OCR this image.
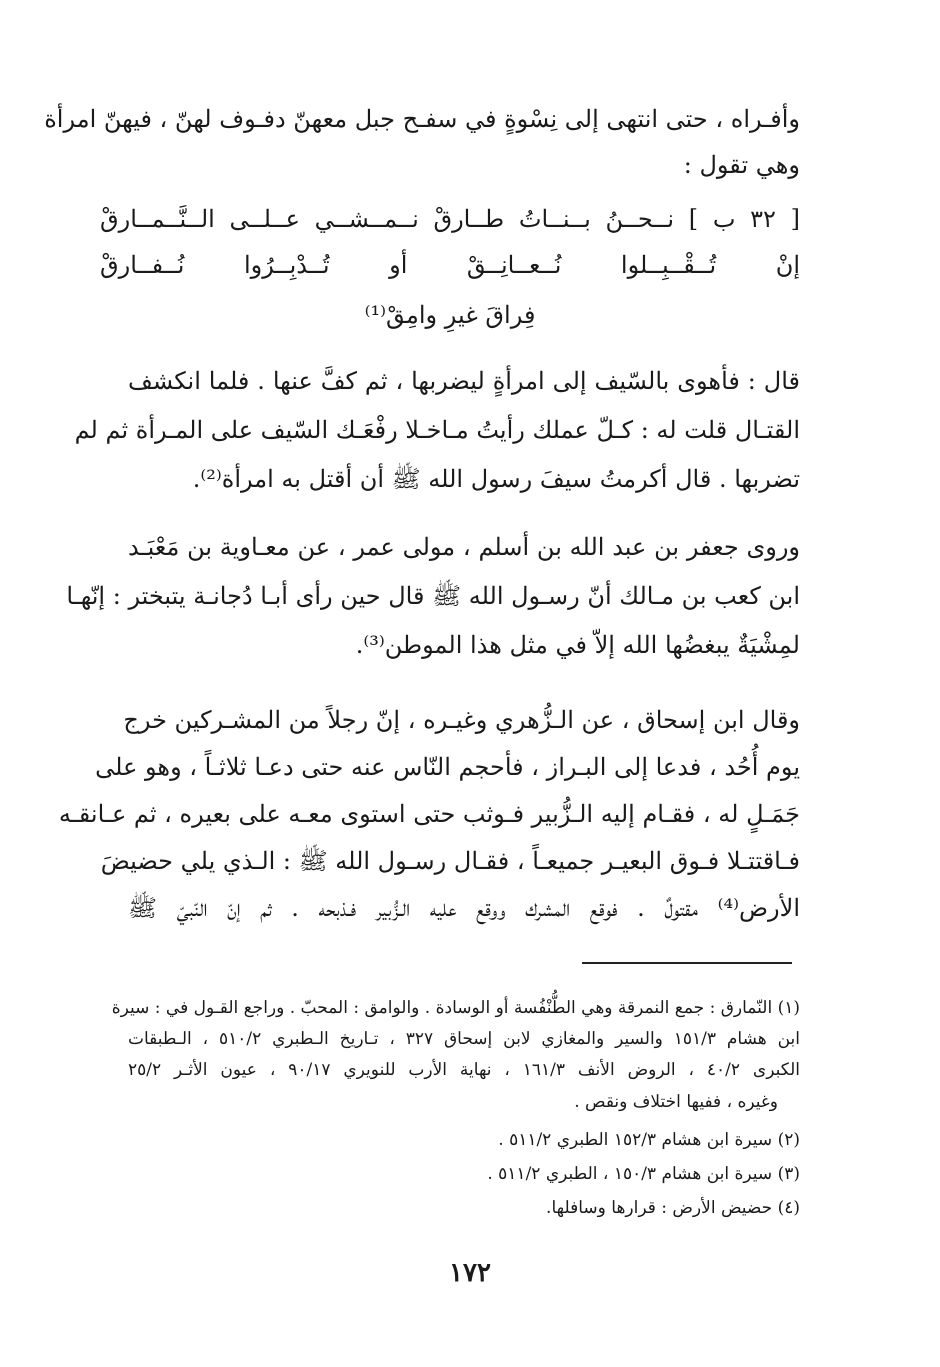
وأفـراه ، حتى انتهى إلى نِسْوةٍ في سفـح جبل معهنّ دفـوف لهنّ ، فيهنّ امرأة
وهي تقول :
[ ٣٢ ب ] نــحــنُ بــنــاتُ طــارقْ نــمــشــي عــلــى الــنَّــمــارقْ
إنْ تُــقْــبِــلوا نُــعــانِــقْ أو تُــدْبِــرُوا نُــفــارقْ
فِراقَ غيرِ وامِقْ⁽¹⁾
قال : فأهوى بالسّيف إلى امرأةٍ ليضربها ، ثم كفَّ عنها . فلما انكشف
القتـال قلت له : كـلّ عملك رأيتُ مـاخـلا رفْعَـك السّيف على المـرأة ثم لم
تضربها . قال أكرمتُ سيفَ رسول الله ﷺ أن أقتل به امرأة⁽²⁾.
وروى جعفر بن عبد الله بن أسلم ، مولى عمر ، عن معـاوية بن مَعْبَـد
ابن كعب بن مـالك أنّ رسـول الله ﷺ قال حين رأى أبـا دُجانـة يتبختر : إنّهـا
لمِشْيَةٌ يبغضُها الله إلاّ في مثل هذا الموطن⁽³⁾.
وقال ابن إسحاق ، عن الـزُّهري وغيـره ، إنّ رجلاً من المشـركين خرج
يوم أُحُد ، فدعا إلى البـراز ، فأحجم النّاس عنه حتى دعـا ثلاثـاً ، وهو على
جَمَـلٍ له ، فقـام إليه الـزُّبير فـوثب حتى استوى معـه على بعيره ، ثم عـانقـه
فـاقتتـلا فـوق البعيـر جميعـاً ، فقـال رسـول الله ﷺ : الـذي يلي حضيضَ
الأرض⁽⁴⁾ مقتولٌ . فوقع المشرك ووقع عليه الـزُّبير فـذبحه . ثم إنّ النّبيّ ﷺ
(١) النّمارق : جمع النمرقة وهي الطُّنْفُسة أو الوسادة . والوامق : المحبّ . وراجع القـول في : سيرة
ابن هشام ١٥١/٣ والسير والمغازي لابن إسحاق ٣٢٧ ، تـاريخ الـطبري ٥١٠/٢ ، الـطبقات
الكبرى ٤٠/٢ ، الروض الأنف ١٦١/٣ ، نهاية الأرب للنويري ٩٠/١٧ ، عيون الأثـر ٢٥/٢
وغيره ، ففيها اختلاف ونقص .
(٢) سيرة ابن هشام ١٥٢/٣ الطبري ٥١١/٢ .
(٣) سيرة ابن هشام ١٥٠/٣ ، الطبري ٥١١/٢ .
(٤) حضيض الأرض : قرارها وسافلها.
١٧٢
